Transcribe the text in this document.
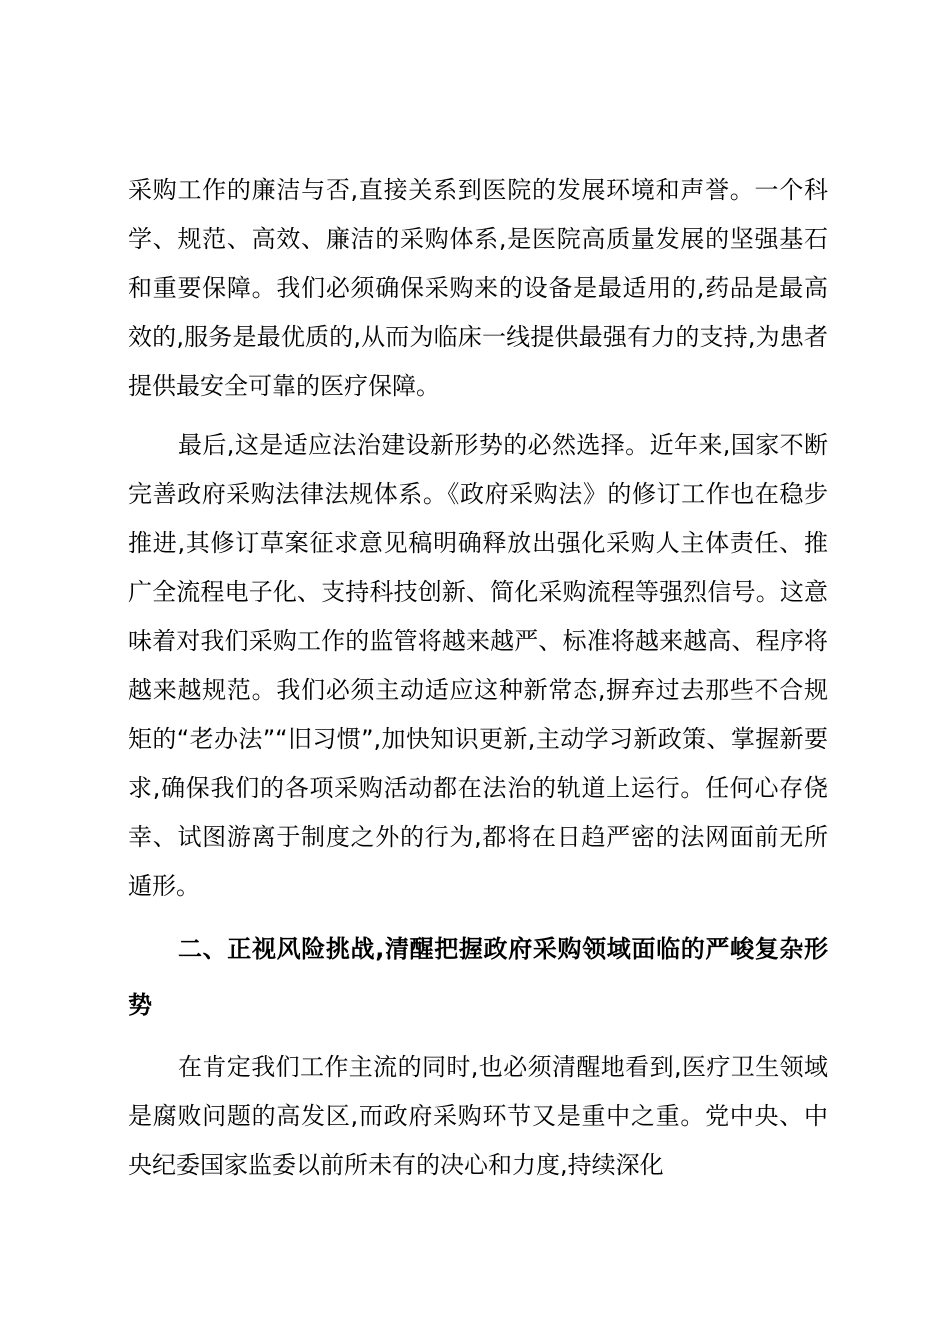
采购工作的廉洁与否,直接关系到医院的发展环境和声誉。一个科学、规范、高效、廉洁的采购体系,是医院高质量发展的坚强基石和重要保障。我们必须确保采购来的设备是最适用的,药品是最高效的,服务是最优质的,从而为临床一线提供最强有力的支持,为患者提供最安全可靠的医疗保障。

最后,这是适应法治建设新形势的必然选择。近年来,国家不断完善政府采购法律法规体系。《政府采购法》的修订工作也在稳步推进,其修订草案征求意见稿明确释放出强化采购人主体责任、推广全流程电子化、支持科技创新、简化采购流程等强烈信号。这意味着对我们采购工作的监管将越来越严、标准将越来越高、程序将越来越规范。我们必须主动适应这种新常态,摒弃过去那些不合规矩的“老办法”“旧习惯”,加快知识更新,主动学习新政策、掌握新要求,确保我们的各项采购活动都在法治的轨道上运行。任何心存侥幸、试图游离于制度之外的行为,都将在日趋严密的法网面前无所遁形。

二、正视风险挑战,清醒把握政府采购领域面临的严峻复杂形势

在肯定我们工作主流的同时,也必须清醒地看到,医疗卫生领域是腐败问题的高发区,而政府采购环节又是重中之重。党中央、中央纪委国家监委以前所未有的决心和力度,持续深化
